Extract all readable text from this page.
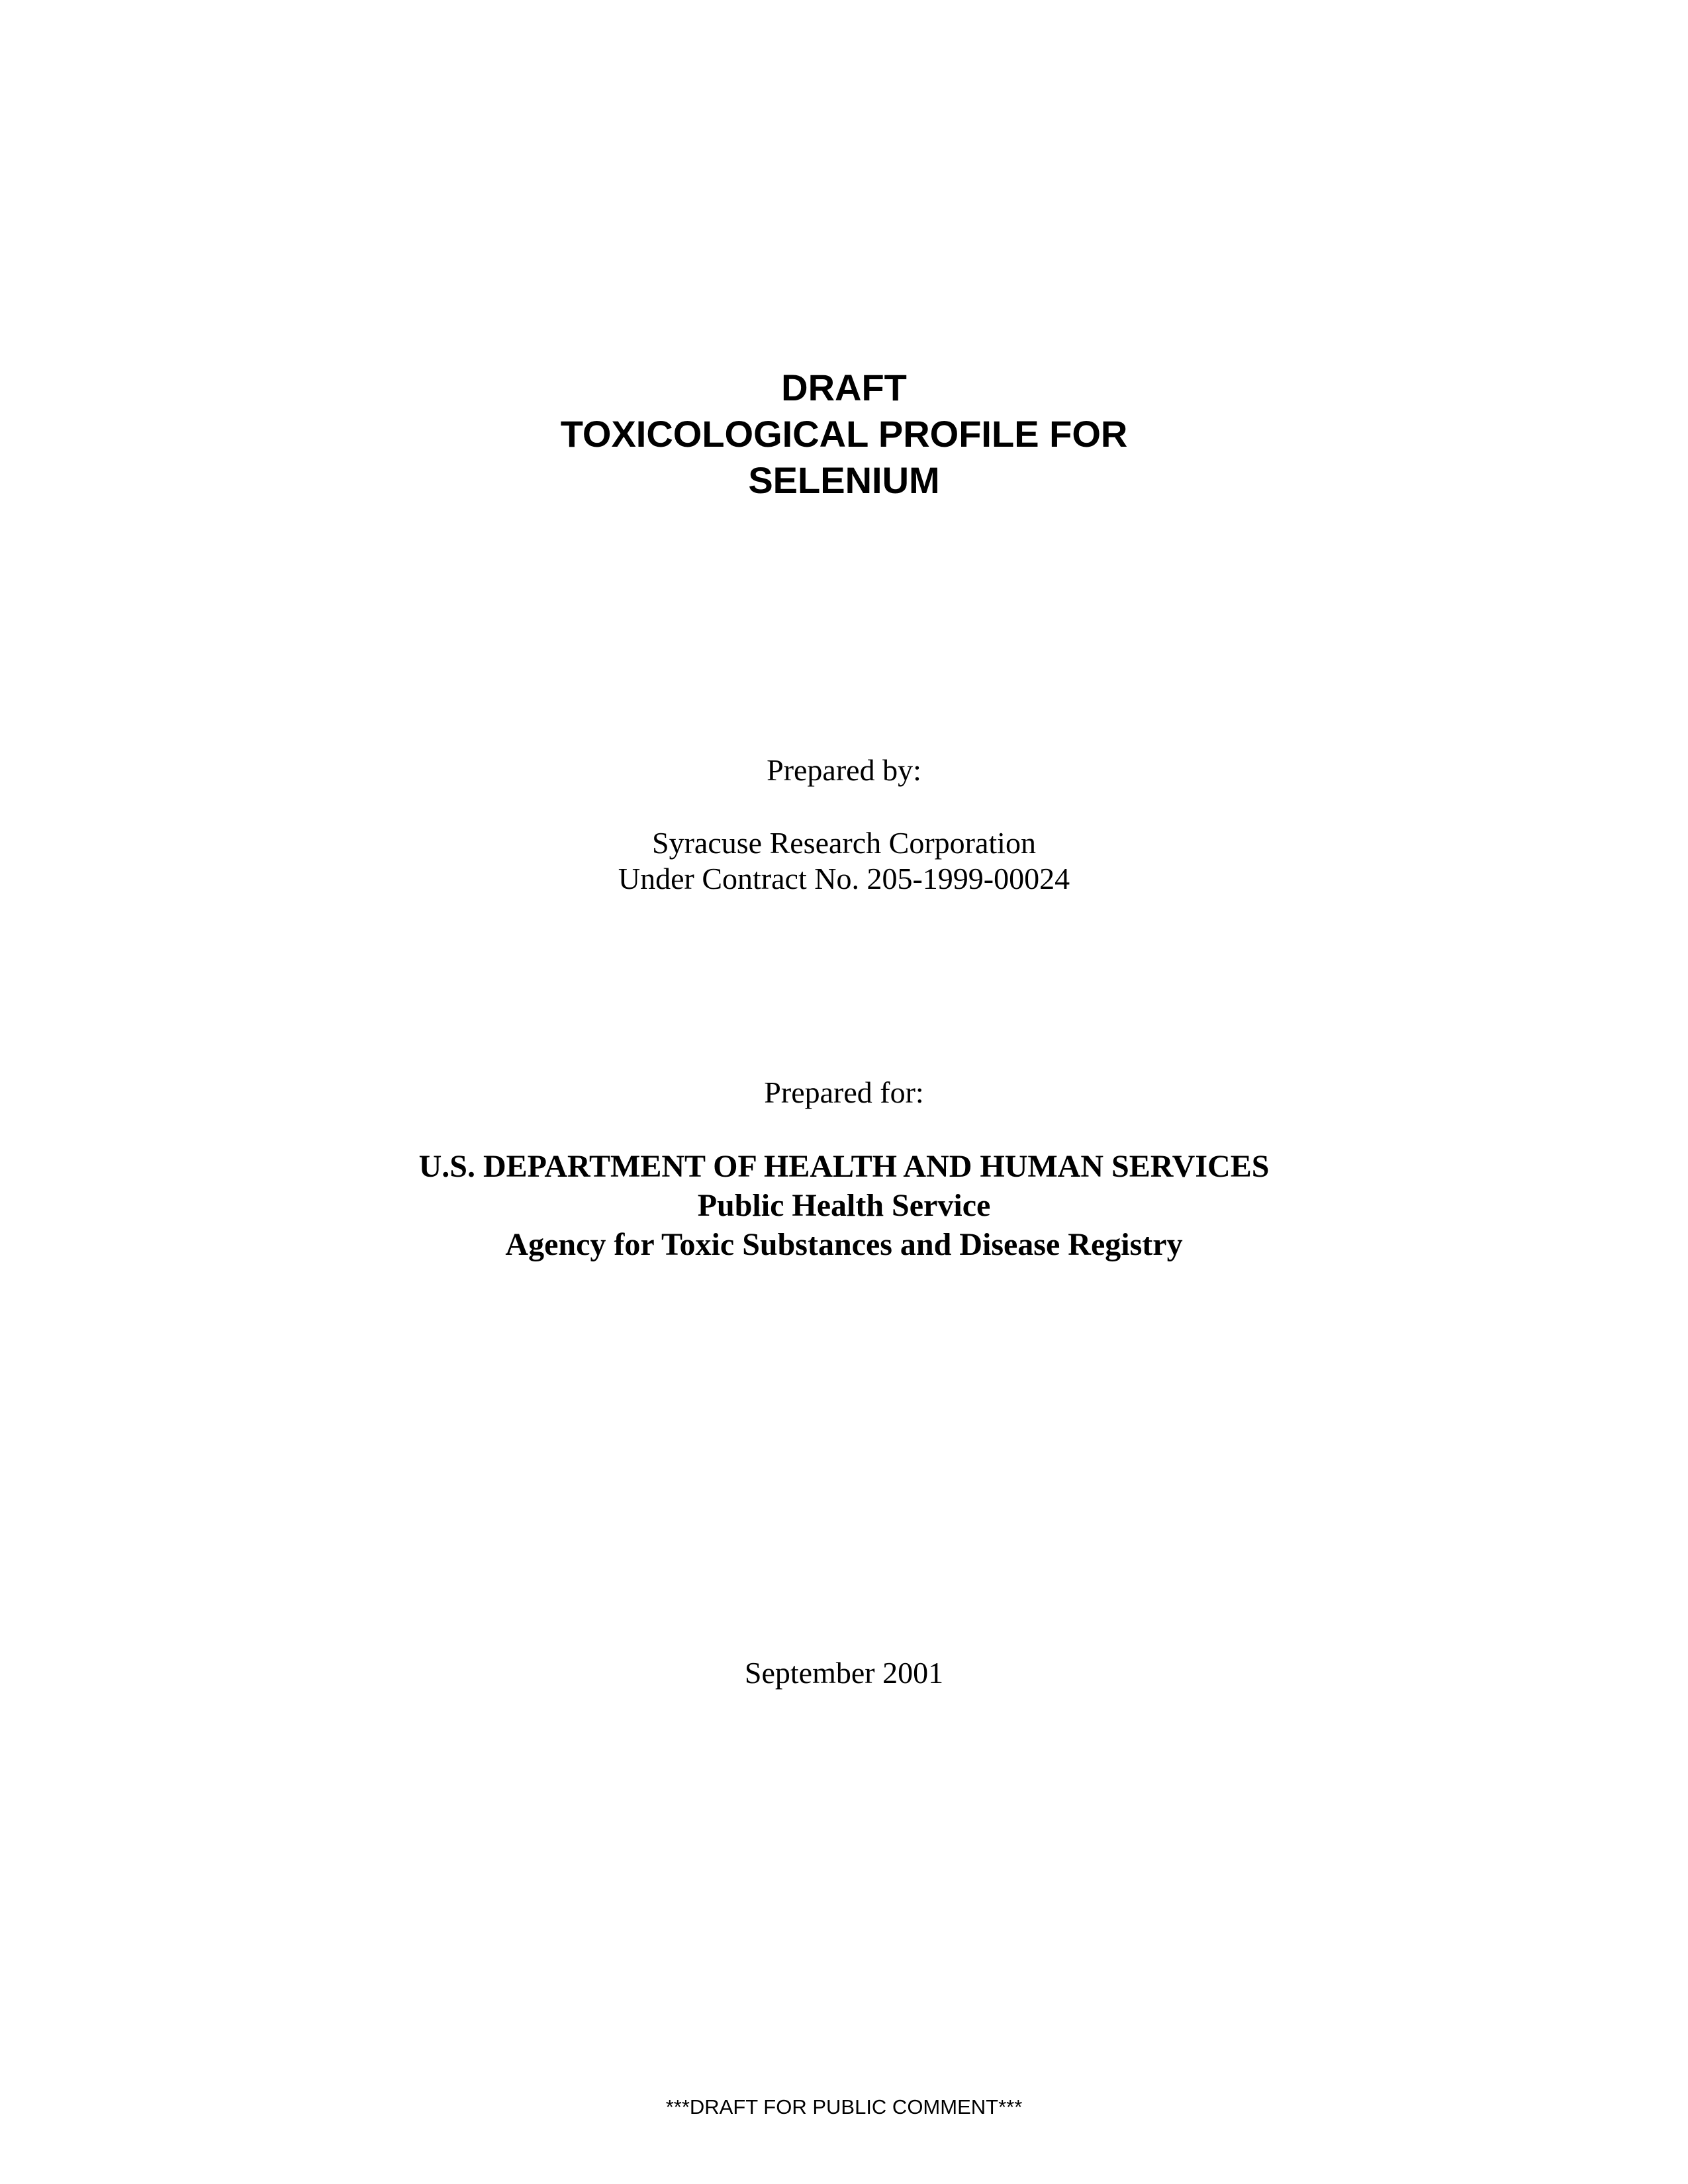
DRAFT
TOXICOLOGICAL PROFILE FOR
SELENIUM
Prepared by:
Syracuse Research Corporation
Under Contract No. 205-1999-00024
Prepared for:
U.S. DEPARTMENT OF HEALTH AND HUMAN SERVICES
Public Health Service
Agency for Toxic Substances and Disease Registry
September 2001
***DRAFT FOR PUBLIC COMMENT***
